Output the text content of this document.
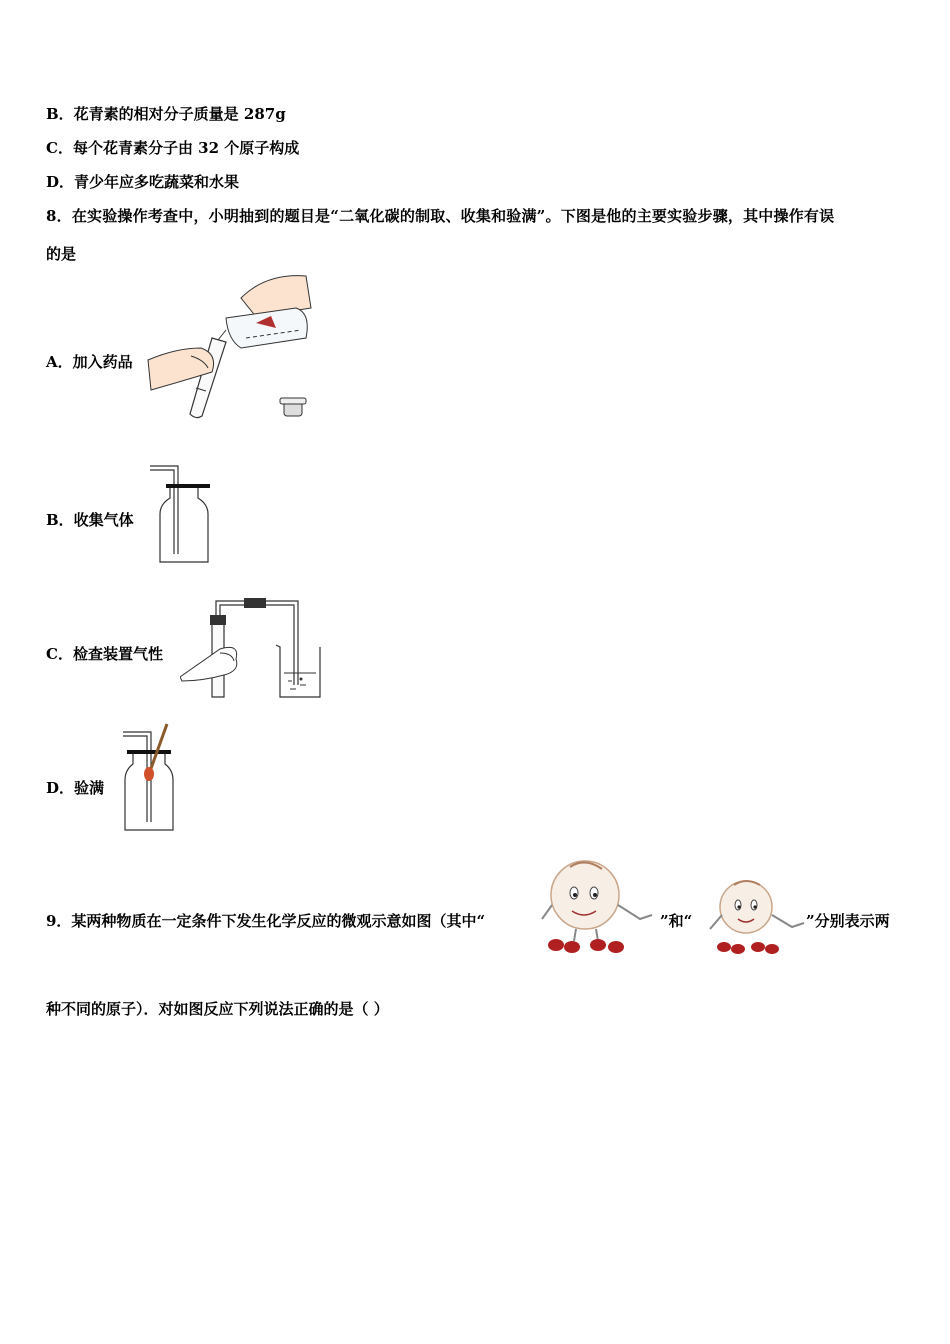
B．花青素的相对分子质量是 287g
C．每个花青素分子由 32 个原子构成
D．青少年应多吃蔬菜和水果
8．在实验操作考查中，小明抽到的题目是“二氧化碳的制取、收集和验满”。下图是他的主要实验步骤，其中操作有误
的是
A．加入药品
B．收集气体
C．检查装置气性
D．验满
9．某两种物质在一定条件下发生化学反应的微观示意如图（其中“	”和“	”分别表示两
种不同的原子）．对如图反应下列说法正确的是（ ）
